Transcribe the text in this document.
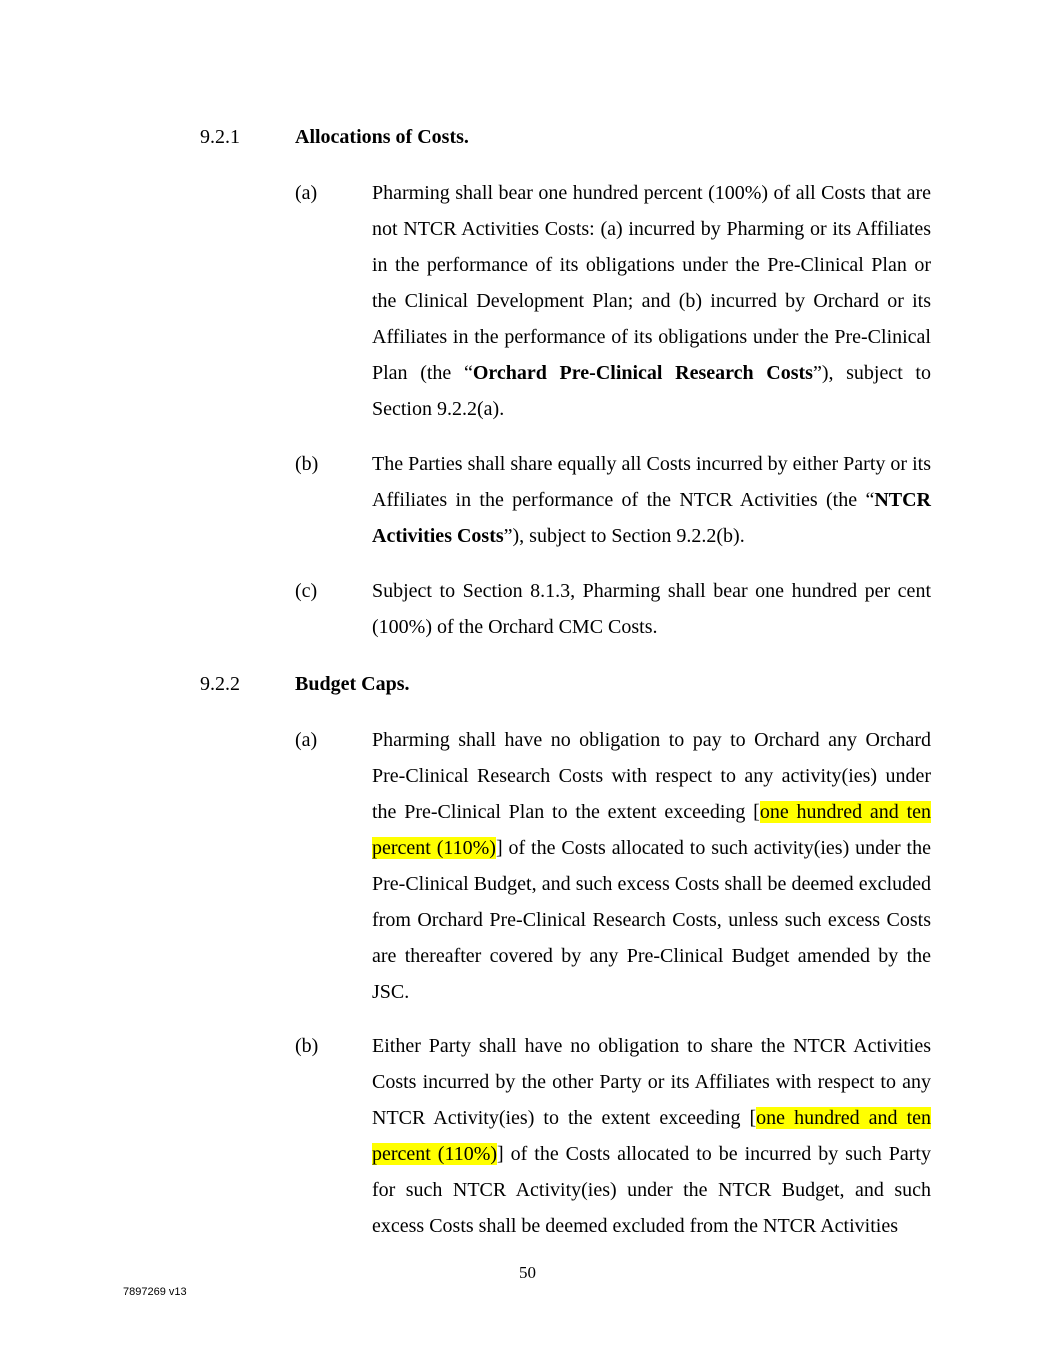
9.2.1	Allocations of Costs.
(a)	Pharming shall bear one hundred percent (100%) of all Costs that are not NTCR Activities Costs: (a) incurred by Pharming or its Affiliates in the performance of its obligations under the Pre-Clinical Plan or the Clinical Development Plan; and (b) incurred by Orchard or its Affiliates in the performance of its obligations under the Pre-Clinical Plan (the “Orchard Pre-Clinical Research Costs”), subject to Section 9.2.2(a).

(b)	The Parties shall share equally all Costs incurred by either Party or its Affiliates in the performance of the NTCR Activities (the “NTCR Activities Costs”), subject to Section 9.2.2(b).

(c)	Subject to Section 8.1.3, Pharming shall bear one hundred per cent (100%) of the Orchard CMC Costs.

9.2.2	Budget Caps.
(a)	Pharming shall have no obligation to pay to Orchard any Orchard Pre-Clinical Research Costs with respect to any activity(ies) under the Pre-Clinical Plan to the extent exceeding [one hundred and ten percent (110%)] of the Costs allocated to such activity(ies) under the Pre-Clinical Budget, and such excess Costs shall be deemed excluded from Orchard Pre-Clinical Research Costs, unless such excess Costs are thereafter covered by any Pre-Clinical Budget amended by the JSC.

(b)	Either Party shall have no obligation to share the NTCR Activities Costs incurred by the other Party or its Affiliates with respect to any NTCR Activity(ies) to the extent exceeding [one hundred and ten percent (110%)] of the Costs allocated to be incurred by such Party for such NTCR Activity(ies) under the NTCR Budget, and such excess Costs shall be deemed excluded from the NTCR Activities

50
7897269 v13
